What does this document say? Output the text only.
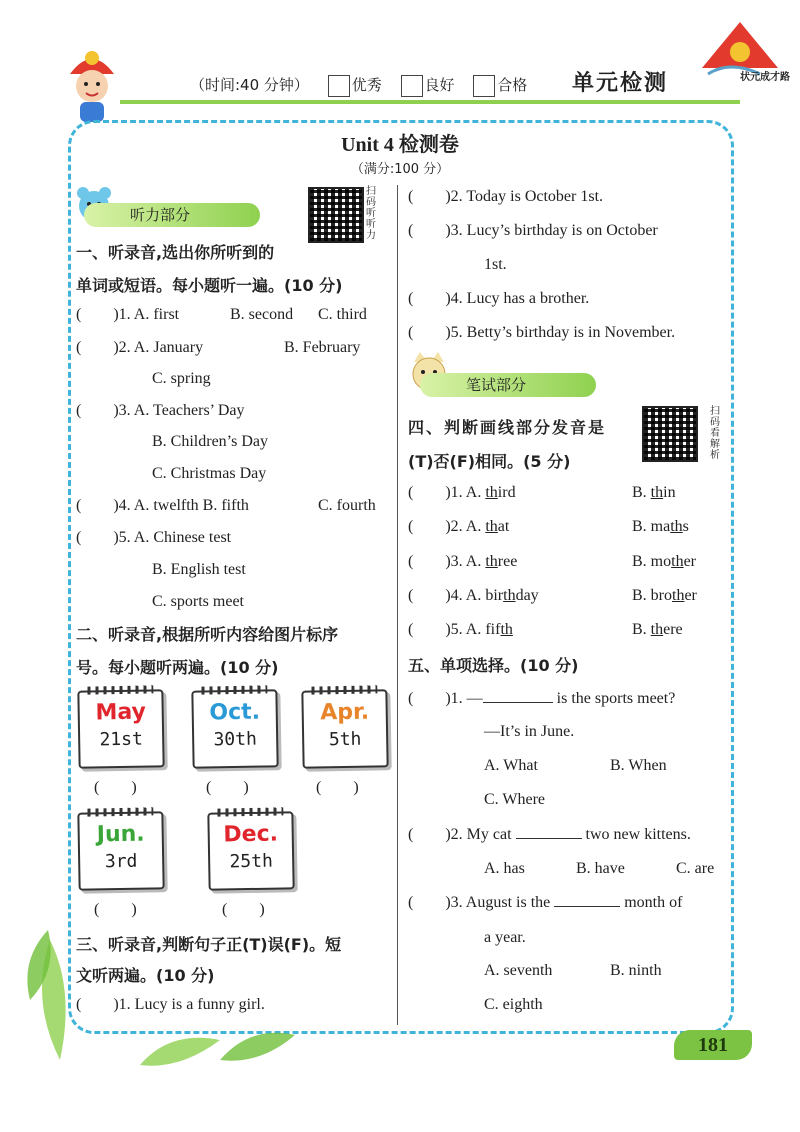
（时间:40 分钟）	优秀	良好	合格 单元检测	状元成才路
Unit 4 检测卷
（满分:100 分）
听力部分
扫码听听力
一、听录音,选出你所听到的
单词或短语。每小题听一遍。(10 分)
(　　)1. A. first	B. second C. third
(　　)2. A. January	B. February
C. spring
(　　)3. A. Teachers’ Day
B. Children’s Day
C. Christmas Day
(　　)4. A. twelfth B. fifth	C. fourth
(　　)5. A. Chinese test
B. English test
C. sports meet
二、听录音,根据所听内容给图片标序
号。每小题听两遍。(10 分)
May
21st
Oct.
30th
Apr.
5th
(　　)	(　　)	(　　)
Jun.
3rd
Dec.
25th
(　　)	(　　)
三、听录音,判断句子正(T)误(F)。短
文听两遍。(10 分)
(　　)1. Lucy is a funny girl.
(　　)2. Today is October 1st.
(　　)3. Lucy’s birthday is on October
1st.
(　　)4. Lucy has a brother.
(　　)5. Betty’s birthday is in November.
笔试部分
四、判断画线部分发音是
(T)否(F)相同。(5 分)
扫码看解析
(　　)1. A. third	B. thin
(　　)2. A. that	B. maths
(　　)3. A. three	B. mother
(　　)4. A. birthday	B. brother
(　　)5. A. fifth	B. there
五、单项选择。(10 分)
(　　)1. —	is the sports meet?
—It’s in June.
A. What	B. When
C. Where
(　　)2. My cat	two new kittens.
A. has	B. have	C. are
(　　)3. August is the	month of
a year.
A. seventh	B. ninth
C. eighth
181
